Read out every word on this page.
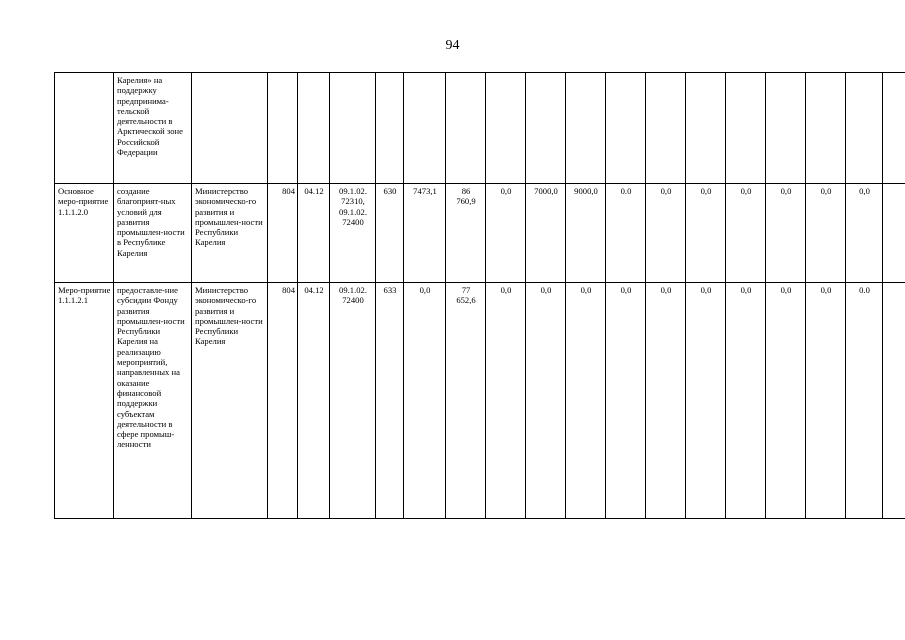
94
	Карелия» на поддержку предпринима-тельской деятельности в Арктической зоне Российской Федерации																		
Основное меро-приятие 1.1.1.2.0	создание благоприят-ных условий для развития промышлен-ности в Республике Карелия	Министерство экономическо-го развития и промышлен-ности Республики Карелия	804	04.12	09.1.02.
72310,
09.1.02.
72400	630	7473,1	86
760,9	0,0	7000,0	9000,0	0.0	0,0	0,0	0,0	0,0	0,0	0,0	
Меро-приятие 1.1.1.2.1	предоставле-ние субсидии Фонду развития промышлен-ности Республики Карелия на реализацию мероприятий, направленных на оказание финансовой поддержки субъектам деятельности в сфере промыш-ленности	Министерство экономическо-го развития и промышлен-ности Республики Карелия	804	04.12	09.1.02.
72400	633	0,0	77
652,6	0,0	0,0	0,0	0,0	0,0	0,0	0,0	0,0	0,0	0.0	
